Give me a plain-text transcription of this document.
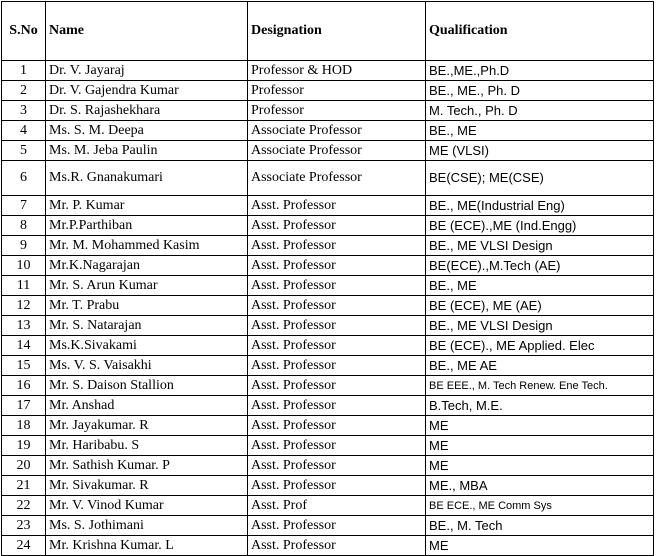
S.No	Name	Designation	Qualification
1	Dr. V. Jayaraj	Professor & HOD	BE.,ME.,Ph.D
2	Dr. V. Gajendra Kumar	Professor	BE., ME., Ph. D
3	Dr. S. Rajashekhara	Professor	M. Tech., Ph. D
4	Ms. S. M. Deepa	Associate Professor	BE., ME
5	Ms. M. Jeba Paulin	Associate Professor	ME (VLSI)
6	Ms.R. Gnanakumari	Associate Professor	BE(CSE); ME(CSE)
7	Mr. P. Kumar	Asst. Professor	BE., ME(Industrial Eng)
8	Mr.P.Parthiban	Asst. Professor	BE (ECE).,ME (Ind.Engg)
9	Mr. M. Mohammed Kasim	Asst. Professor	BE., ME VLSI Design
10	Mr.K.Nagarajan	Asst. Professor	BE(ECE).,M.Tech (AE)
11	Mr. S. Arun Kumar	Asst. Professor	BE., ME
12	Mr. T. Prabu	Asst. Professor	BE (ECE), ME (AE)
13	Mr. S. Natarajan	Asst. Professor	BE., ME VLSI Design
14	Ms.K.Sivakami	Asst. Professor	BE (ECE)., ME Applied. Elec
15	Ms. V. S. Vaisakhi	Asst. Professor	BE., ME AE
16	Mr. S. Daison Stallion	Asst. Professor	BE EEE., M. Tech Renew. Ene Tech.
17	Mr. Anshad	Asst. Professor	B.Tech, M.E.
18	Mr. Jayakumar. R	Asst. Professor	ME
19	Mr. Haribabu. S	Asst. Professor	ME
20	Mr. Sathish Kumar. P	Asst. Professor	ME
21	Mr. Sivakumar. R	Asst. Professor	ME., MBA
22	Mr. V. Vinod Kumar	Asst. Prof	BE ECE., ME Comm Sys
23	Ms. S. Jothimani	Asst. Professor	BE., M. Tech
24	Mr. Krishna Kumar. L	Asst. Professor	ME
